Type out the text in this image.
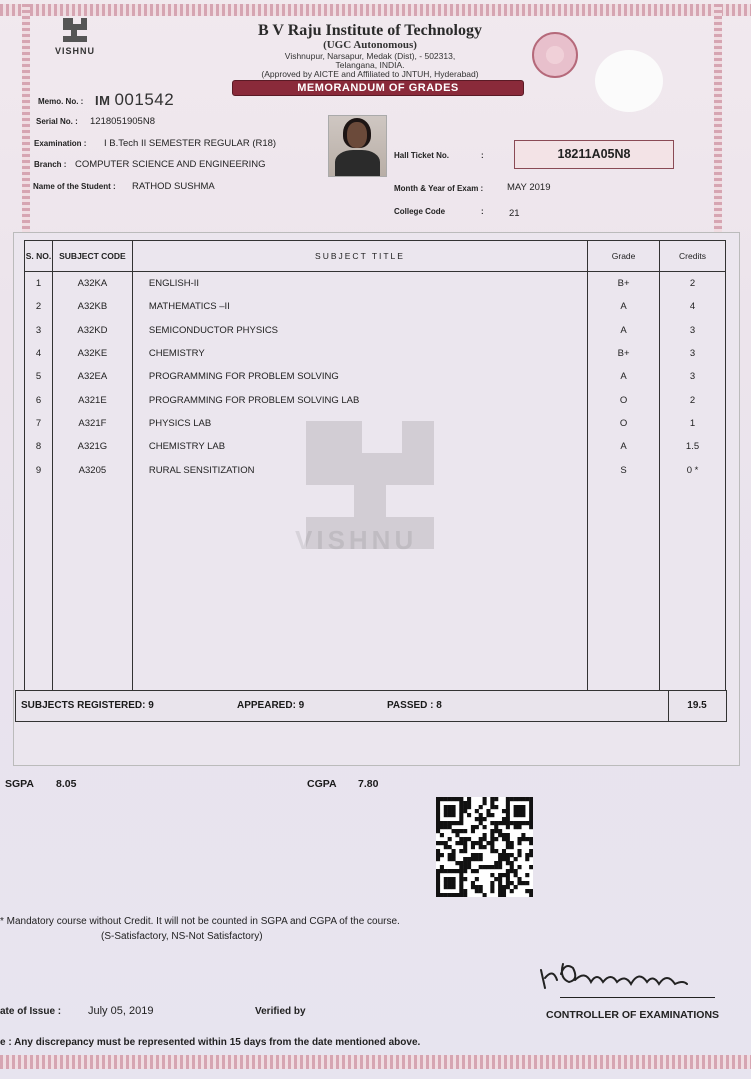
VISHNU
B V Raju Institute of Technology
(UGC Autonomous)
Vishnupur, Narsapur, Medak (Dist), - 502313,
Telangana, INDIA.
(Approved by AICTE and Affiliated to JNTUH, Hyderabad)
MEMORANDUM OF GRADES
Memo. No. : IM 001542
Serial No. : 1218051905N8
Examination : I B.Tech II SEMESTER REGULAR (R18)
Branch : COMPUTER SCIENCE AND ENGINEERING
Name of the Student : RATHOD SUSHMA
Hall Ticket No.	:	18211A05N8
Month & Year of Exam :	MAY 2019
College Code	:	21
VISHNU
S. NO.	SUBJECT CODE	SUBJECT TITLE	Grade	Credits
1	A32KA	ENGLISH-II	B+	2
2	A32KB	MATHEMATICS –II	A	4
3	A32KD	SEMICONDUCTOR PHYSICS	A	3
4	A32KE	CHEMISTRY	B+	3
5	A32EA	PROGRAMMING FOR PROBLEM SOLVING	A	3
6	A321E	PROGRAMMING FOR PROBLEM SOLVING LAB	O	2
7	A321F	PHYSICS LAB	O	1
8	A321G	CHEMISTRY LAB	A	1.5
9	A3205	RURAL SENSITIZATION	S	0 *

SUBJECTS REGISTERED: 9	APPEARED: 9	PASSED : 8	19.5
SGPA 8.05	CGPA 7.80
* Mandatory course without Credit. It will not be counted in SGPA and CGPA of the course.
(S-Satisfactory, NS-Not Satisfactory)
ate of Issue : July 05, 2019	Verified by	CONTROLLER OF EXAMINATIONS
e : Any discrepancy must be represented within 15 days from the date mentioned above.
